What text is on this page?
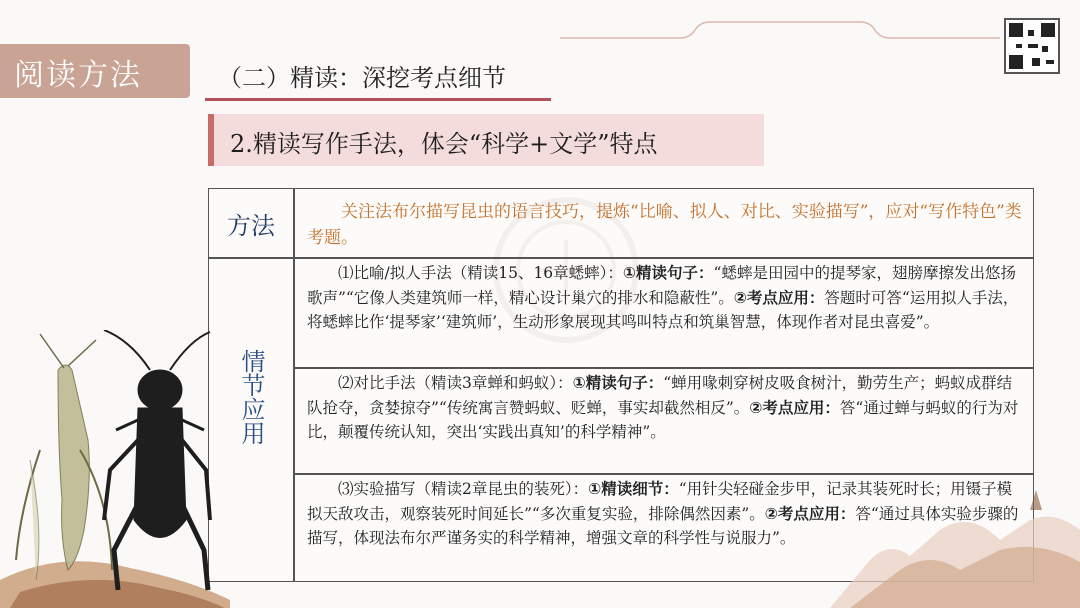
阅读方法	（二）精读：深挖考点细节
2.精读写作手法，体会“科学+文学”特点
方法	关注法布尔描写昆虫的语言技巧，提炼“比喻、拟人、对比、实验描写”，应对“写作特色”类考题。
情节应用
⑴比喻/拟人手法（精读15、16章蟋蟀）：①精读句子：“蟋蟀是田园中的提琴家，翅膀摩擦发出悠扬歌声”“它像人类建筑师一样，精心设计巢穴的排水和隐蔽性”。②考点应用：答题时可答“运用拟人手法，将蟋蟀比作‘提琴家’‘建筑师’，生动形象展现其鸣叫特点和筑巢智慧，体现作者对昆虫喜爱”。
⑵对比手法（精读3章蝉和蚂蚁）：①精读句子：“蝉用喙刺穿树皮吸食树汁，勤劳生产；蚂蚁成群结队抢夺，贪婪掠夺”“传统寓言赞蚂蚁、贬蝉，事实却截然相反”。②考点应用：答“通过蝉与蚂蚁的行为对比，颠覆传统认知，突出‘实践出真知’的科学精神”。
⑶实验描写（精读2章昆虫的装死）：①精读细节：“用针尖轻碰金步甲，记录其装死时长；用镊子模拟天敌攻击，观察装死时间延长”“多次重复实验，排除偶然因素”。②考点应用：答“通过具体实验步骤的描写，体现法布尔严谨务实的科学精神，增强文章的科学性与说服力”。
